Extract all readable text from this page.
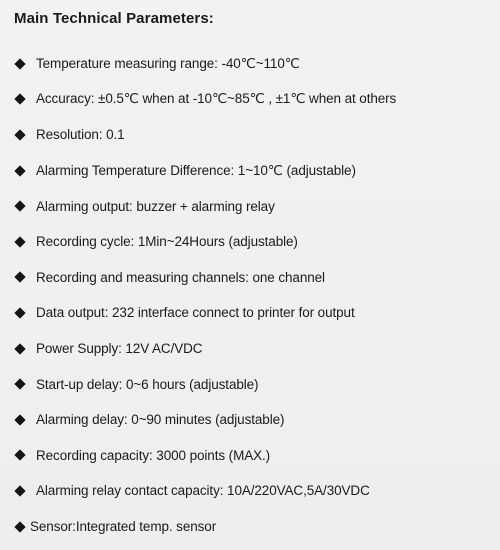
Main Technical Parameters:
Temperature measuring range: -40℃~110℃
Accuracy: ±0.5℃ when at -10℃~85℃ , ±1℃ when at others
Resolution: 0.1
Alarming Temperature Difference: 1~10℃ (adjustable)
Alarming output: buzzer + alarming relay
Recording cycle: 1Min~24Hours (adjustable)
Recording and measuring channels: one channel
Data output: 232 interface connect to printer for output
Power Supply: 12V AC/VDC
Start-up delay: 0~6 hours (adjustable)
Alarming delay: 0~90 minutes (adjustable)
Recording capacity: 3000 points (MAX.)
Alarming relay contact capacity: 10A/220VAC,5A/30VDC
Sensor:Integrated temp. sensor
